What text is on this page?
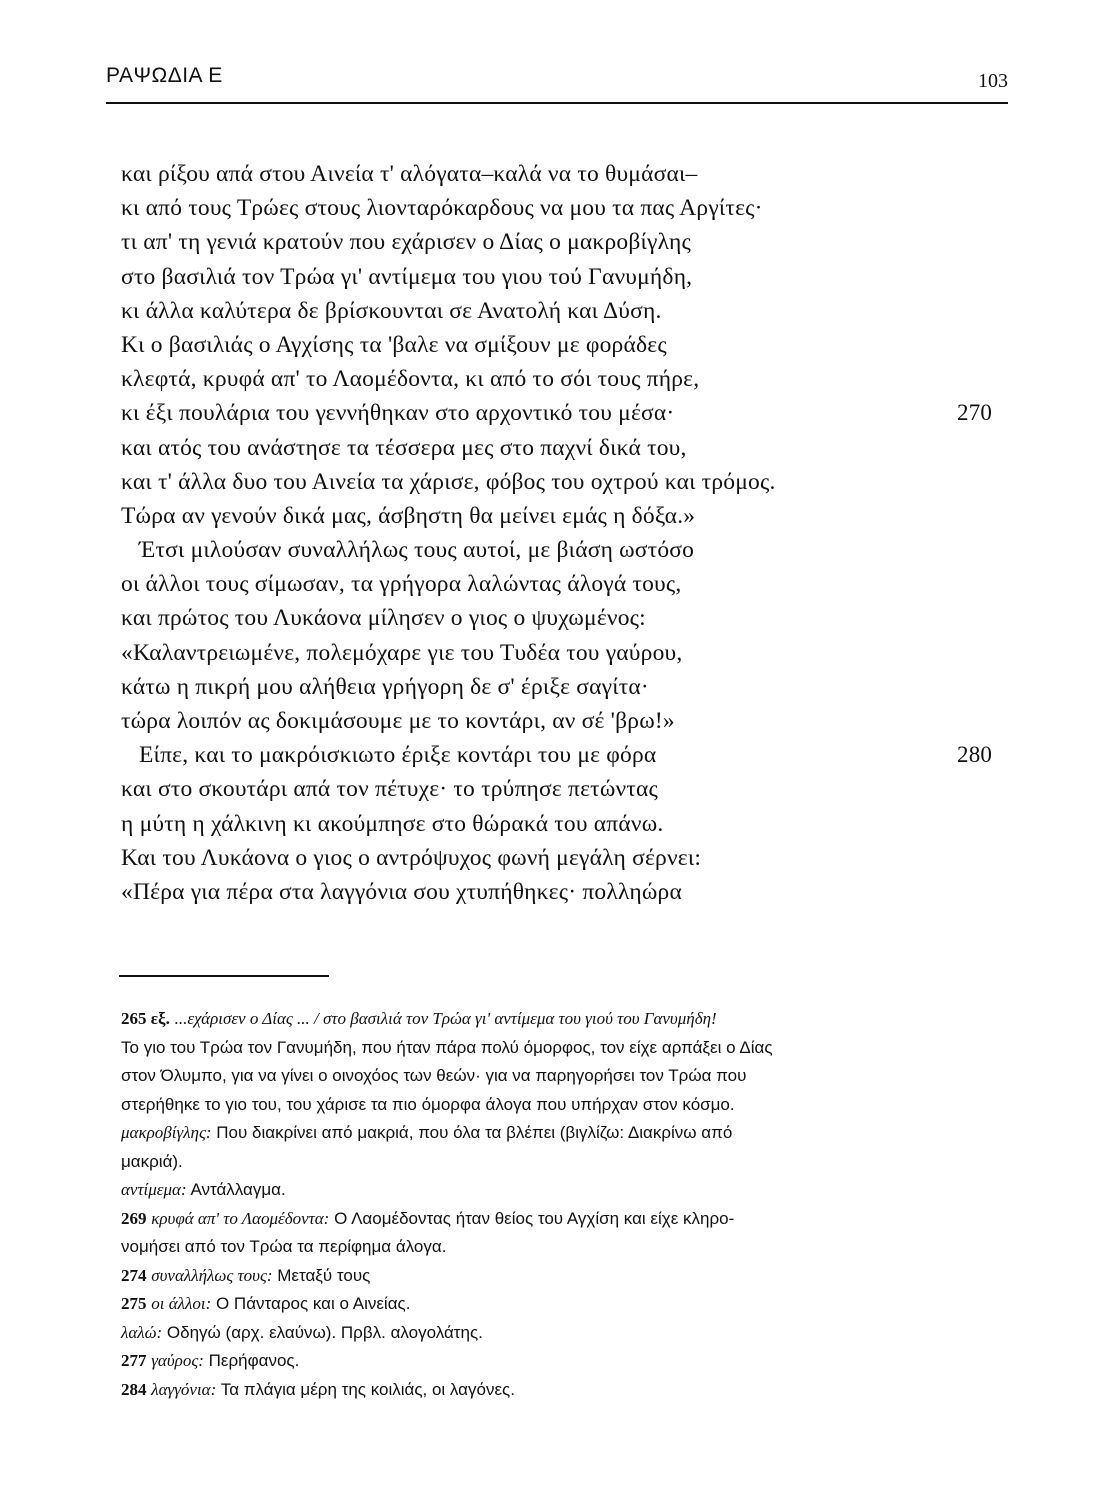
ΡΑΨΩΔΙΑ Ε	103
και ρίξου απά στου Αινεία τ' αλόγατα–καλά να το θυμάσαι–
κι από τους Τρώες στους λιονταρόκαρδους να μου τα πας Αργίτες·
τι απ' τη γενιά κρατούν που εχάρισεν ο Δίας ο μακροβίγλης
στο βασιλιά τον Τρώα γι' αντίμεμα του γιου τού Γανυμήδη,
κι άλλα καλύτερα δε βρίσκουνται σε Ανατολή και Δύση.
Κι ο βασιλιάς ο Αγχίσης τα 'βαλε να σμίξουν με φοράδες
κλεφτά, κρυφά απ' το Λαομέδοντα, κι από το σόι τους πήρε,
κι έξι πουλάρια του γεννήθηκαν στο αρχοντικό του μέσα·	270
και ατός του ανάστησε τα τέσσερα μες στο παχνί δικά του,
και τ' άλλα δυο του Αινεία τα χάρισε, φόβος του οχτρού και τρόμος.
Τώρα αν γενούν δικά μας, άσβηστη θα μείνει εμάς η δόξα.»
Έτσι μιλούσαν συναλλήλως τους αυτοί, με βιάση ωστόσο
οι άλλοι τους σίμωσαν, τα γρήγορα λαλώντας άλογά τους,
και πρώτος του Λυκάονα μίλησεν ο γιος ο ψυχωμένος:
«Καλαντρειωμένε, πολεμόχαρε γιε του Τυδέα του γαύρου,
κάτω η πικρή μου αλήθεια γρήγορη δε σ' έριξε σαγίτα·
τώρα λοιπόν ας δοκιμάσουμε με το κοντάρι, αν σέ 'βρω!»
Είπε, και το μακρόισκιωτο έριξε κοντάρι του με φόρα	280
και στο σκουτάρι απά τον πέτυχε· το τρύπησε πετώντας
η μύτη η χάλκινη κι ακούμπησε στο θώρακά του απάνω.
Και του Λυκάονα ο γιος ο αντρόψυχος φωνή μεγάλη σέρνει:
«Πέρα για πέρα στα λαγγόνια σου χτυπήθηκες· πολληώρα
265 εξ. ...εχάρισεν ο Δίας ... / στο βασιλιά τον Τρώα γι' αντίμεμα του γιού του Γανυμήδη!
Το γιο του Τρώα τον Γανυμήδη, που ήταν πάρα πολύ όμορφος, τον είχε αρπάξει ο Δίας
στον Όλυμπο, για να γίνει ο οινοχόος των θεών· για να παρηγορήσει τον Τρώα που
στερήθηκε το γιο του, του χάρισε τα πιο όμορφα άλογα που υπήρχαν στον κόσμο.
μακροβίγλης: Που διακρίνει από μακριά, που όλα τα βλέπει (βιγλίζω: Διακρίνω από
μακριά).
αντίμεμα: Αντάλλαγμα.
269 κρυφά απ' το Λαομέδοντα: Ο Λαομέδοντας ήταν θείος του Αγχίση και είχε κληρο-
νομήσει από τον Τρώα τα περίφημα άλογα.
274 συναλλήλως τους: Μεταξύ τους
275 οι άλλοι: Ο Πάνταρος και ο Αινείας.
λαλώ: Οδηγώ (αρχ. ελαύνω). Πρβλ. αλογολάτης.
277 γαύρος: Περήφανος.
284 λαγγόνια: Τα πλάγια μέρη της κοιλιάς, οι λαγόνες.
